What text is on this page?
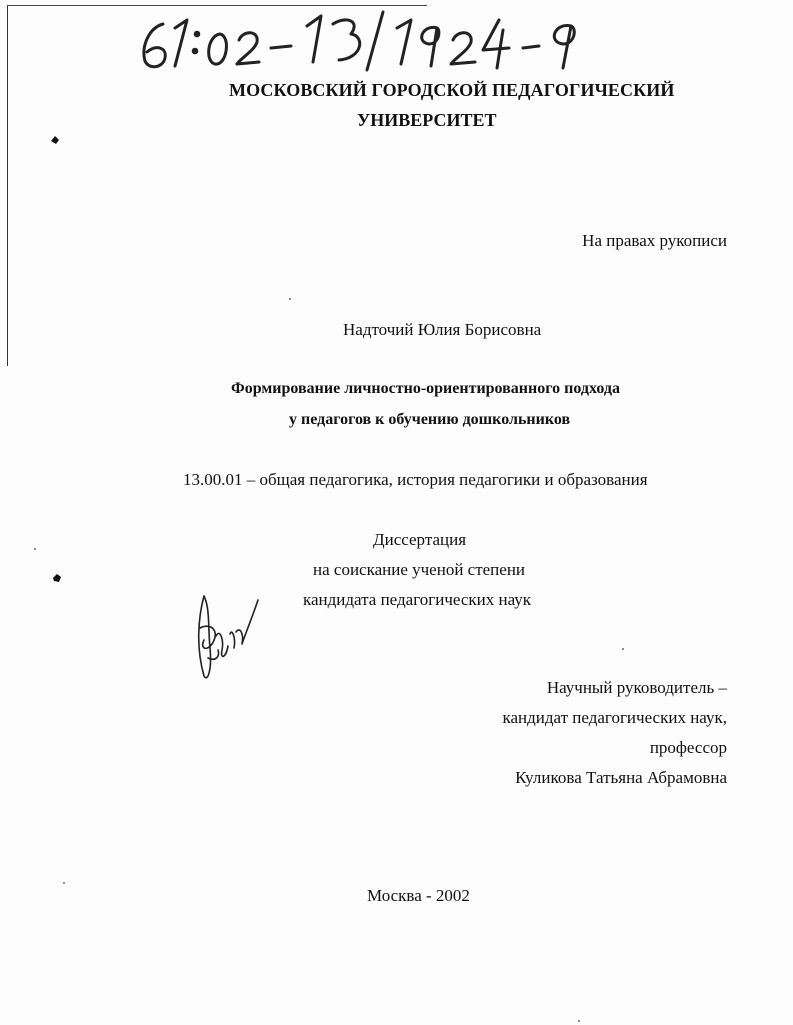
МОСКОВСКИЙ ГОРОДСКОЙ ПЕДАГОГИЧЕСКИЙ
УНИВЕРСИТЕТ
На правах рукописи
Надточий Юлия Борисовна
Формирование личностно-ориентированного подхода
у педагогов к обучению дошкольников
13.00.01 – общая педагогика, история педагогики и образования
Диссертация
на соискание ученой степени
кандидата педагогических наук
Научный руководитель –
кандидат педагогических наук,
профессор
Куликова Татьяна Абрамовна
Москва - 2002
